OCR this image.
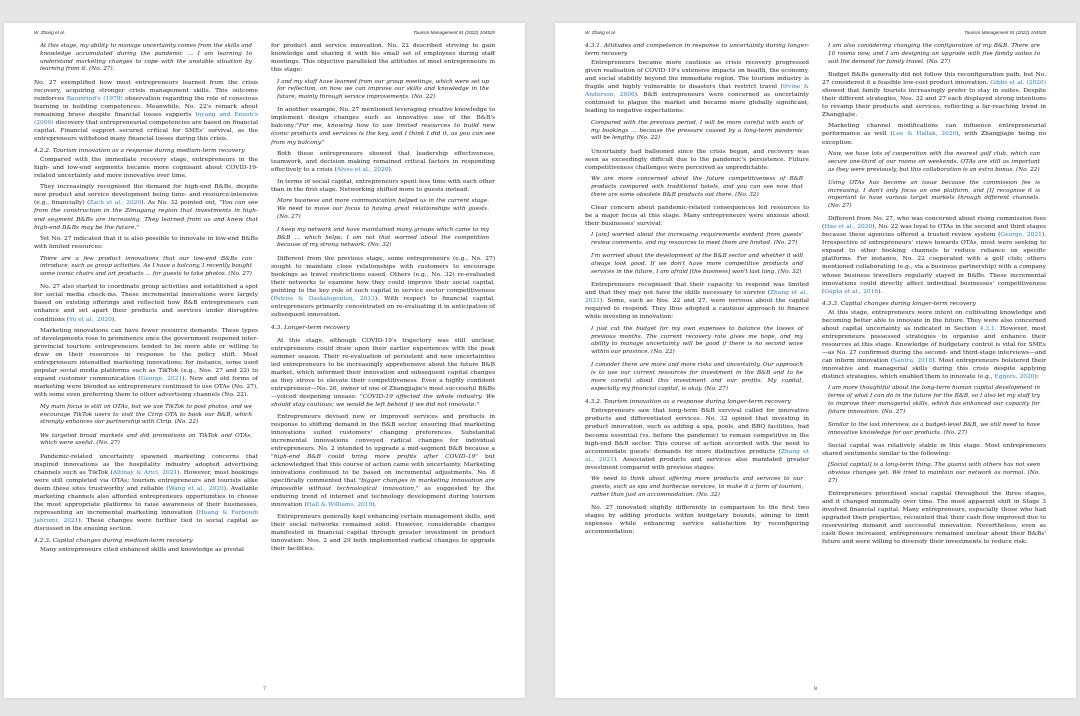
W. Zhang et al.	Tourism Management 91 (2022) 104525
At this stage, my ability to manage uncertainty comes from the skills and knowledge accumulated during the pandemic … I am learning to understand marketing changes to cope with the unstable situation by learning from it. (No. 27).

No. 27 exemplified how most entrepreneurs learned from the crisis recovery, acquiring stronger crisis management skills. This outcome reinforces Baumrind's (1978) observation regarding the role of conscious learning in building competences. Meanwhile, No. 22's remark about remaining brave despite financial losses supports Inyang and Enuoh's (2009) discovery that entrepreneurial competencies are based on financial capital. Financial support secured critical for SMEs' survival, as the entrepreneurs withstood many financial losses during this crisis.

4.2.2. Tourism innovation as a response during medium-term recovery

Compared with the immediate recovery stage, entrepreneurs in the high- and low-end segments became more cognisant about COVID-19-related uncertainty and more innovative over time.

They increasingly recognised the demand for high-end B&Bs, despite new product and service development being time- and resource-intensive (e.g., financially) (Zach et al., 2020). As No. 32 pointed out, "You can see from the construction in the Zimugang region that investments in high-end segment B&Bs are increasing. They learned from us and knew that high-end B&Bs may be the future."

Yet No. 27 indicated that it is also possible to innovate in low-end B&Bs with limited resources:

There are a few product innovations that our low-end B&Bs can introduce, such as group activities. As I have a balcony, I recently bought some iconic chairs and art products … for guests to take photos. (No. 27)

No. 27 also started to coordinate group activities and established a spot for social media check-ins. These incremental innovations were largely based on existing offerings and reflected how B&B entrepreneurs can enhance and set apart their products and services under disruptive conditions (Yu et al., 2020).

Marketing innovations can have fewer resource demands. These types of developments rose to prominence once the government reopened inter-provincial tourism: entrepreneurs tended to be more able or willing to draw on their resources in response to the policy shift. Most entrepreneurs intensified marketing innovations; for instance, some used popular social media platforms such as TikTok (e.g., Nos. 27 and 22) to expand customer communication (George, 2021). New and old forms of marketing were blended as entrepreneurs continued to use OTAs (No. 27), with some even preferring them to other advertising channels (No. 22).

My main focus is still on OTAs, but we use TikTok to post photos, and we encourage TikTok users to visit the Ctrip OTA to book our B&B, which strongly enhances our partnership with Ctrip. (No. 22)
We targeted broad markets and did promotions on TikTok and OTAs, which were useful. (No. 27)

Pandemic-related uncertainty spawned marketing concerns that inspired innovations as the hospitality industry adopted advertising channels such as TikTok (Altinay & Arici, 2021). However, most bookings were still completed via OTAs; tourism entrepreneurs and tourists alike deem these sites trustworthy and reliable (Wang et al., 2020). Available marketing channels also afforded entrepreneurs opportunities to choose the most appropriate platforms to raise awareness of their businesses, representing an incremental marketing innovation (Huang & Farboudi Jahromi, 2021). These changes were further tied to social capital as discussed in the ensuing section.

4.2.3. Capital changes during medium-term recovery

Many entrepreneurs cited enhanced skills and knowledge as pivotal

for product and service innovation. No. 22 described striving to gain knowledge and sharing it with his small set of employees during staff meetings. This objective paralleled the attitudes of most entrepreneurs in this stage:

I and my staff have learned from our group meetings, which were set up for reflection, on how we can improve our skills and knowledge in the future, mainly through service improvements. (No. 22)

In another example, No. 27 mentioned leveraging creative knowledge to implement design changes such as innovative use of the B&B's balcony:"For me, knowing how to use limited resources to build new iconic products and services is the key, and I think I did it, as you can see from my balcony."

Both these entrepreneurs showed that leadership effectiveness, teamwork, and decision making remained critical factors in responding effectively to a crisis (Alves et al., 2020).

In terms of social capital, entrepreneurs spent less time with each other than in the first stage. Networking shifted more to guests instead.

More business and more communication helped us in the current stage. We need to move our focus to having great relationships with guests. (No. 27)
I keep my network and have maintained many groups which came to my B&B … which helps. I am not that worried about the competition because of my strong network. (No. 32)

Different from the previous stage, some entrepreneurs (e.g., No. 27) sought to maintain close relationships with customers to encourage bookings as travel restrictions eased. Others (e.g., No. 32) re-evaluated their networks to examine how they could improve their social capital, pointing to the key role of such capital in service sector competitiveness (Petrou & Daskalopoulou, 2013). With respect to financial capital, entrepreneurs primarily concentrated on re-evaluating it in anticipation of subsequent innovation.

4.3. Longer-term recovery

At this stage, although COVID-19's trajectory was still unclear, entrepreneurs could draw upon their earlier experiences with the peak summer season. Their re-evaluation of persistent and new uncertainties led entrepreneurs to be increasingly apprehensive about the future B&B market, which informed their innovation and subsequent capital changes as they strove to elevate their competitiveness. Even a highly confident entrepreneur—No. 26, owner of one of Zhangjiajie's most successful B&Bs—voiced deepening unease: "COVID-19 affected the whole industry. We should stay cautious; we would be left behind if we did not innovate."

Entrepreneurs devised new or improved services and products in response to shifting demand in the B&B sector, ensuring that marketing innovations suited customers' changing preferences. Substantial incremental innovations conveyed radical changes for individual entrepreneurs. No. 2 intended to upgrade a mid-segment B&B because a "high-end B&B could bring more profits after COVID-19" but acknowledged that this course of action came with uncertainty. Marketing innovations continued to be based on incremental adjustments. No. 8 specifically commented that "bigger changes in marketing innovation are impossible without technological innovation," as suggested by the enduring trend of internet and technology development during tourism innovation (Hall & Williams, 2019).

Entrepreneurs generally kept enhancing certain management skills, and their social networks remained solid. However, considerable changes manifested in financial capital through greater investment in product innovation: Nos. 2 and 29 both implemented radical changes to upgrade their facilities.

7
W. Zhang et al.	Tourism Management 91 (2022) 104525
4.3.1. Attitudes and competence in response to uncertainty during longer-term recovery

Entrepreneurs became more cautious as crisis recovery progressed given realisation of COVID-19's extensive impacts on health, the economy, and social stability beyond the immediate region. The tourism industry is fragile and highly vulnerable to disasters that restrict travel (Irvine & Anderson, 2006). B&B entrepreneurs were concerned as uncertainty continued to plague the market and became more globally significant, leading to negative expectations:

Compared with the previous period, I will be more careful with each of my bookings … because the pressure caused by a long-term pandemic will be lengthy. (No. 22)

Uncertainty had ballooned since the crisis began, and recovery was seen as exceedingly difficult due to the pandemic's persistence. Future competitiveness challenges were perceived as unpredictable:

We are more concerned about the future competitiveness of B&B products compared with traditional hotels, and you can see now that there are some obsolete B&B products out there. (No. 32)

Clear concern about pandemic-related consequences led resources to be a major focus at this stage. Many entrepreneurs were anxious about their businesses' survival:

I [am] worried about the increasing requirements evident from guests' review comments, and my resources to meet them are limited. (No. 27)
I'm worried about the development of the B&B sector and whether it will always look good. If we don't have more competitive products and services in the future, I am afraid [the business] won't last long. (No. 32)

Entrepreneurs recognised that their capacity to respond was limited and that they may not have the skills necessary to survive (Zhang et al., 2021). Some, such as Nos. 22 and 27, were nervous about the capital required to respond. They thus adopted a cautious approach to finance while investing in innovation:

I just cut the budget for my own expenses to balance the losses of previous months. The current recovery rate gives me hope, and my ability to manage uncertainty will be good if there is no second wave within our province. (No. 22)
I consider there are more and more risks and uncertainty. Our approach is to use our current resources for investment in the B&B and to be more careful about this investment and our profits. My capital, especially my financial capital, is okay. (No. 27)
4.3.2. Tourism innovation as a response during longer-term recovery

Entrepreneurs saw that long-term B&B survival called for innovative products and differentiated services. No. 32 opined that investing in product innovation, such as adding a spa, pools, and BBQ facilities, had become essential (vs. before the pandemic) to remain competitive in the high-end B&B sector. This course of action accorded with the need to accommodate guests' demands for more distinctive products (Zhang et al., 2021). Associated products and services also mandated greater investment compared with previous stages:

We need to think about offering more products and services to our guests, such as spa and barbecue services, to make it a form of tourism, rather than just an accommodation. (No. 32)

No. 27 innovated slightly differently in comparison to the first two stages by adding products within budgetary bounds, aiming to limit expenses while enhancing service satisfaction by reconfiguring accommodation:

I am also considering changing the configuration of my B&B. There are 10 rooms now, and I am designing an upgrade with five family suites to suit the demand for family travel. (No. 27)

Budget B&Bs generally did not follow this reconfiguration path, but No. 27 considered it a feasible low-cost product innovation. Gibbs et al. (2020) showed that family tourists increasingly prefer to stay in suites. Despite their different strategies, Nos. 32 and 27 each displayed strong intentions to revamp their products and services, reflecting a far-reaching trend in Zhangjiajie.

Marketing channel modifications can influence entrepreneurial performance as well (Lee & Hallak, 2020), with Zhangjiajie being no exception:

Now, we have lots of cooperation with the nearest golf club, which can secure one-third of our rooms on weekends. OTAs are still as important as they were previously, but this collaboration is an extra bonus. (No. 22)
Using OTAs has become an issue because the commission fee is increasing. I don't only focus on one platform, and [I] recognise it is important to have various target markets through different channels. (No. 27)

Different from No. 27, who was concerned about rising commission fees (Hao et al., 2020), No. 22 was loyal to OTAs in the second and third stages because these agencies offered a trusted review system (George, 2021). Irrespective of entrepreneurs' views towards OTAs, most were seeking to expand to other booking channels to reduce reliance on specific platforms. For instance, No. 22 cooperated with a golf club; others mentioned collaborating (e.g., via a business partnership) with a company whose business travellers regularly stayed in B&Bs. These incremental innovations could directly affect individual businesses' competitiveness (Gupta et al., 2016).

4.3.3. Capital changes during longer-term recovery

At this stage, entrepreneurs were intent on cultivating knowledge and becoming better able to innovate in the future. They were also concerned about capital uncertainty as indicated in Section 4.3.1. However, most entrepreneurs possessed strategies to organise and enhance their resources at this stage. Knowledge of budgetary control is vital for SMEs—as No. 27 confirmed during the second- and third-stage interviews—and can inform innovation (Santra, 2018). Most entrepreneurs bolstered their innovative and managerial skills during this crisis despite applying distinct strategies, which enabled them to innovate (e.g., Eggers, 2020):

I am more thoughtful about the long-term human capital development in terms of what I can do in the future for the B&B, so I also let my staff try to improve their managerial skills, which has enhanced our capacity for future innovation. (No. 27)
Similar to the last interview, as a budget-level B&B, we still need to have innovative knowledge for our products. (No. 27)

Social capital was relatively stable in this stage. Most entrepreneurs shared sentiments similar to the following:

[Social capital] is a long-term thing. The guanxi with others has not seen obvious changes yet. We tried to maintain our network as normal. (No. 27)

Entrepreneurs prioritised social capital throughout the three stages, and it changed minimally over time. The most apparent shift in Stage 3 involved financial capital. Many entrepreneurs, especially those who had upgraded their properties, recounted that their cash flow improved due to reservoiring demand and successful innovation. Nevertheless, even as cash flows increased, entrepreneurs remained unclear about their B&Bs' future and were willing to diversify their investments to reduce risk:

8
